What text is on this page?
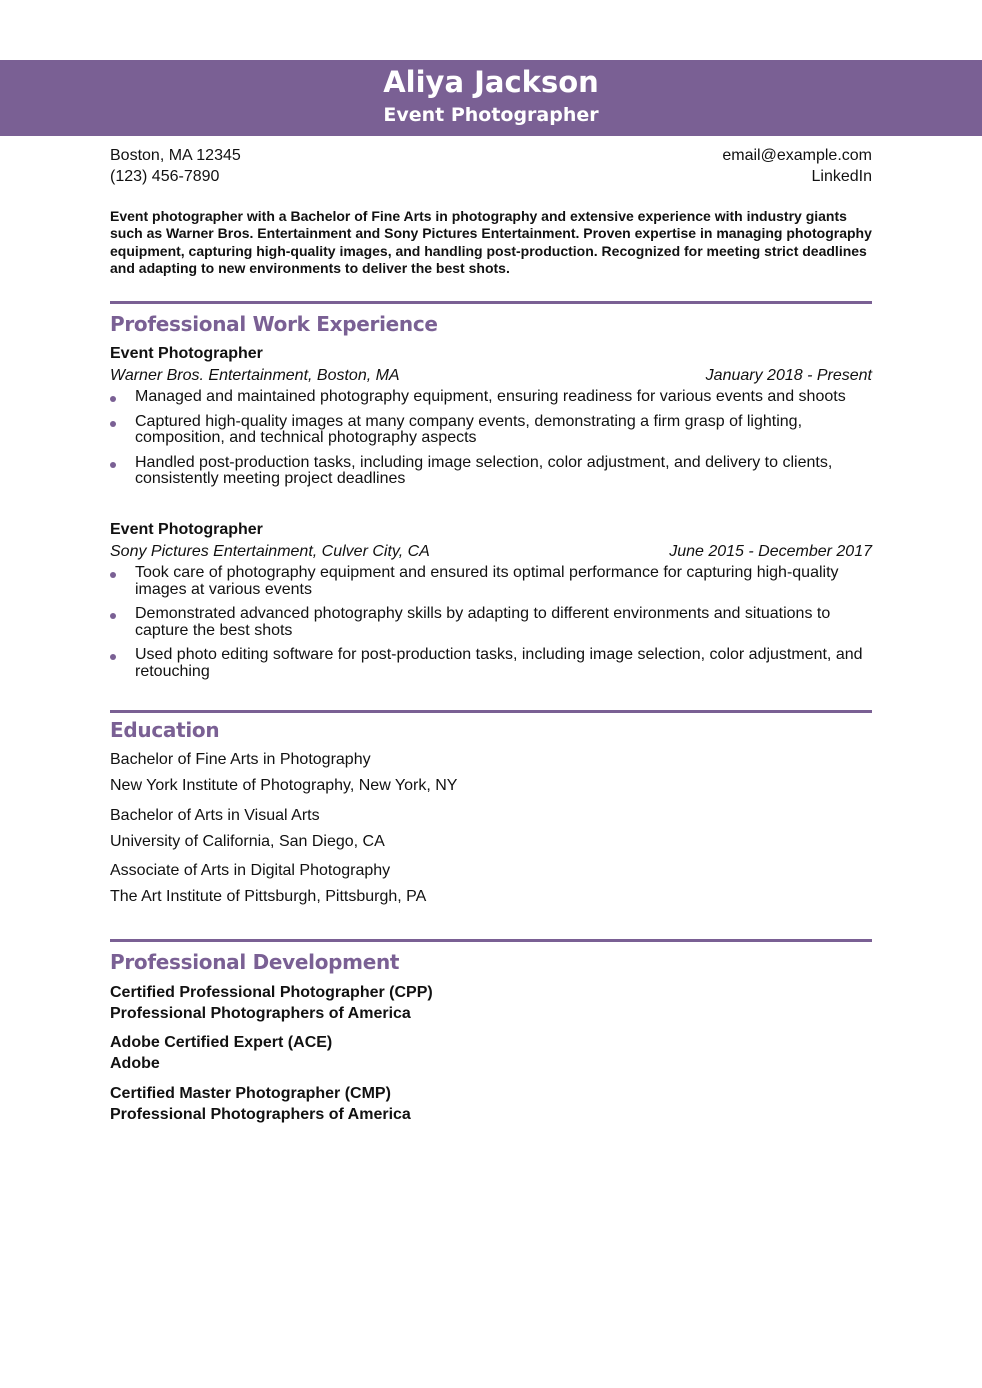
Aliya Jackson
Event Photographer
Boston, MA 12345
(123) 456-7890
email@example.com
LinkedIn
Event photographer with a Bachelor of Fine Arts in photography and extensive experience with industry giants such as Warner Bros. Entertainment and Sony Pictures Entertainment. Proven expertise in managing photography equipment, capturing high-quality images, and handling post-production. Recognized for meeting strict deadlines and adapting to new environments to deliver the best shots.
Professional Work Experience
Event Photographer
Warner Bros. Entertainment, Boston, MA	January 2018 - Present
Managed and maintained photography equipment, ensuring readiness for various events and shoots
Captured high-quality images at many company events, demonstrating a firm grasp of lighting, composition, and technical photography aspects
Handled post-production tasks, including image selection, color adjustment, and delivery to clients, consistently meeting project deadlines
Event Photographer
Sony Pictures Entertainment, Culver City, CA	June 2015 - December 2017
Took care of photography equipment and ensured its optimal performance for capturing high-quality images at various events
Demonstrated advanced photography skills by adapting to different environments and situations to capture the best shots
Used photo editing software for post-production tasks, including image selection, color adjustment, and retouching
Education
Bachelor of Fine Arts in Photography
New York Institute of Photography, New York, NY
Bachelor of Arts in Visual Arts
University of California, San Diego, CA
Associate of Arts in Digital Photography
The Art Institute of Pittsburgh, Pittsburgh, PA
Professional Development
Certified Professional Photographer (CPP)
Professional Photographers of America
Adobe Certified Expert (ACE)
Adobe
Certified Master Photographer (CMP)
Professional Photographers of America
